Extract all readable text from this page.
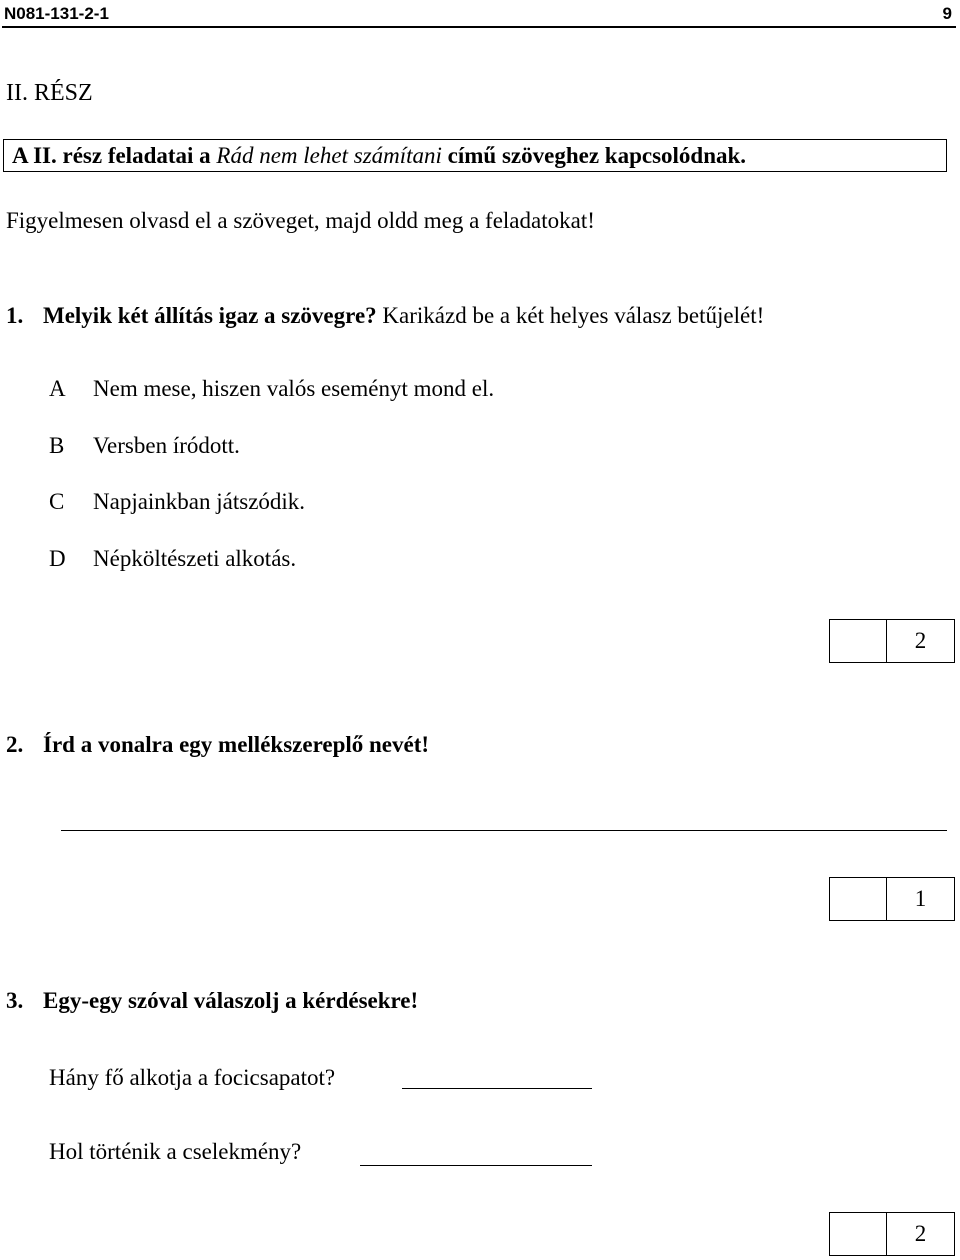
N081-131-2-1	9
II. RÉSZ
A II. rész feladatai a Rád nem lehet számítani című szöveghez kapcsolódnak.
Figyelmesen olvasd el a szöveget, majd oldd meg a feladatokat!
1. Melyik két állítás igaz a szövegre? Karikázd be a két helyes válasz betűjelét!
A Nem mese, hiszen valós eseményt mond el.
B Versben íródott.
C Napjainkban játszódik.
D Népköltészeti alkotás.
2
2. Írd a vonalra egy mellékszereplő nevét!
1
3. Egy-egy szóval válaszolj a kérdésekre!
Hány fő alkotja a focicsapatot?
Hol történik a cselekmény?
2
